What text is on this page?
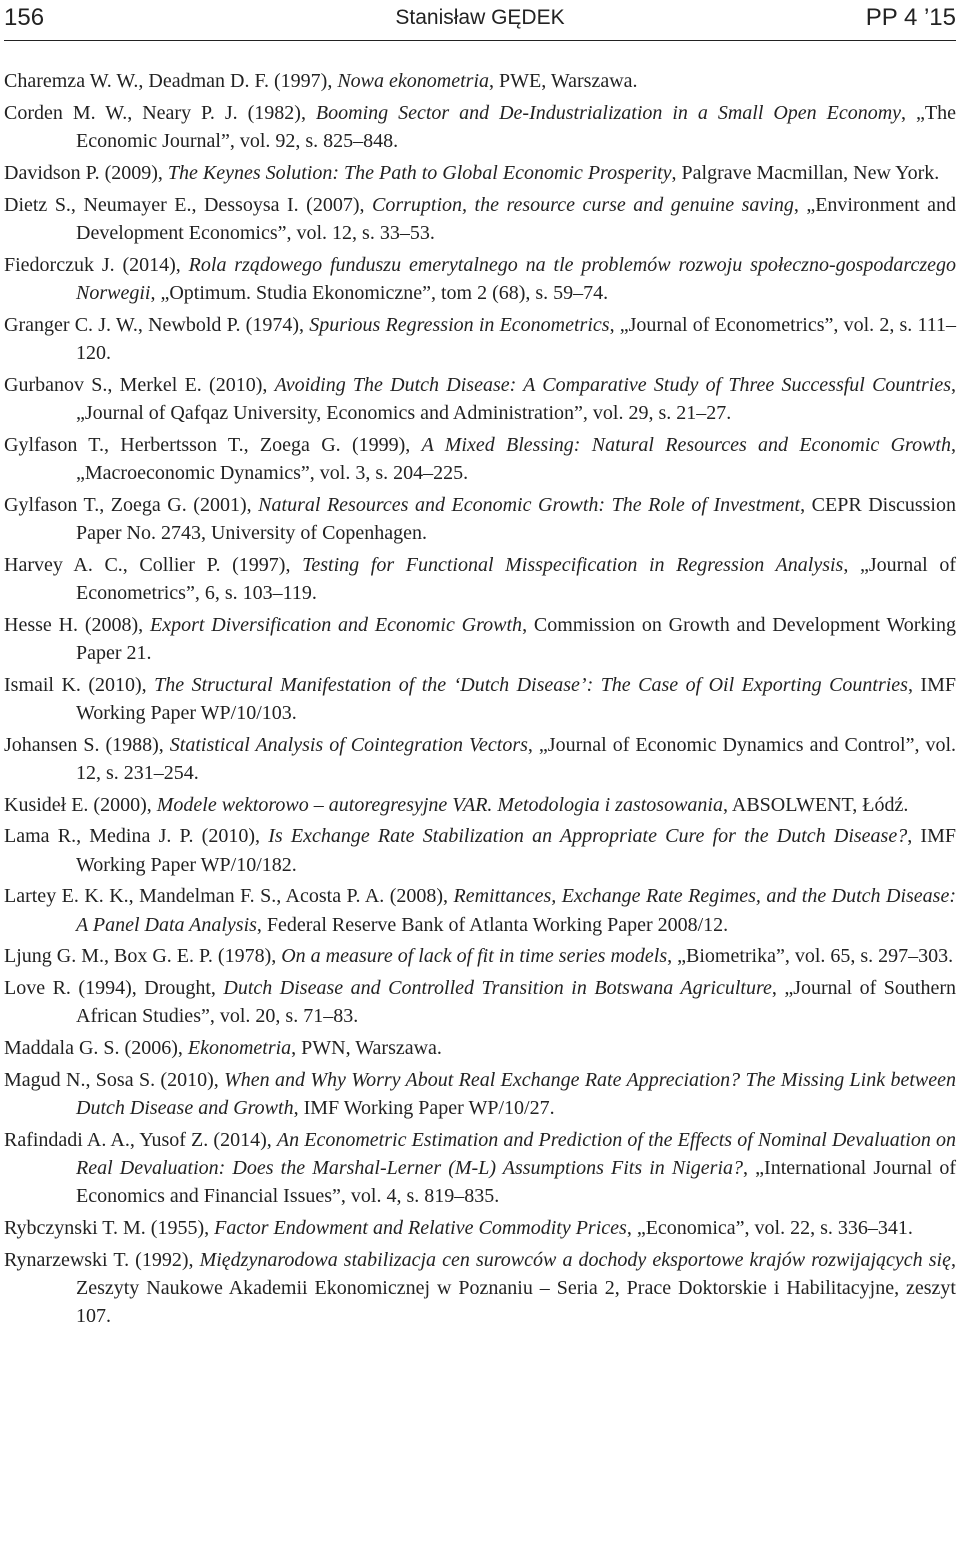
156	Stanisław GĘDEK	PP 4 ’15

Charemza W. W., Deadman D. F. (1997), Nowa ekonometria, PWE, Warszawa.

Corden M. W., Neary P. J. (1982), Booming Sector and De-Industrialization in a Small Open Economy, „The Economic Journal”, vol. 92, s. 825–848.

Davidson P. (2009), The Keynes Solution: The Path to Global Economic Prosperity, Palgrave Macmillan, New York.

Dietz S., Neumayer E., Dessoysa I. (2007), Corruption, the resource curse and genuine saving, „Environment and Development Economics”, vol. 12, s. 33–53.

Fiedorczuk J. (2014), Rola rządowego funduszu emerytalnego na tle problemów rozwoju społeczno-gospodarczego Norwegii, „Optimum. Studia Ekonomiczne”, tom 2 (68), s. 59–74.

Granger C. J. W., Newbold P. (1974), Spurious Regression in Econometrics, „Journal of Econometrics”, vol. 2, s. 111–120.

Gurbanov S., Merkel E. (2010), Avoiding The Dutch Disease: A Comparative Study of Three Successful Countries, „Journal of Qafqaz University, Economics and Administration”, vol. 29, s. 21–27.

Gylfason T., Herbertsson T., Zoega G. (1999), A Mixed Blessing: Natural Resources and Economic Growth, „Macroeconomic Dynamics”, vol. 3, s. 204–225.

Gylfason T., Zoega G. (2001), Natural Resources and Economic Growth: The Role of Investment, CEPR Discussion Paper No. 2743, University of Copenhagen.

Harvey A. C., Collier P. (1997), Testing for Functional Misspecification in Regression Analysis, „Journal of Econometrics”, 6, s. 103–119.

Hesse H. (2008), Export Diversification and Economic Growth, Commission on Growth and Development Working Paper 21.

Ismail K. (2010), The Structural Manifestation of the ‘Dutch Disease’: The Case of Oil Exporting Countries, IMF Working Paper WP/10/103.

Johansen S. (1988), Statistical Analysis of Cointegration Vectors, „Journal of Economic Dynamics and Control”, vol. 12, s. 231–254.

Kusideł E. (2000), Modele wektorowo – autoregresyjne VAR. Metodologia i zastosowania, ABSOLWENT, Łódź.

Lama R., Medina J. P. (2010), Is Exchange Rate Stabilization an Appropriate Cure for the Dutch Disease?, IMF Working Paper WP/10/182.

Lartey E. K. K., Mandelman F. S., Acosta P. A. (2008), Remittances, Exchange Rate Regimes, and the Dutch Disease: A Panel Data Analysis, Federal Reserve Bank of Atlanta Working Paper 2008/12.

Ljung G. M., Box G. E. P. (1978), On a measure of lack of fit in time series models, „Biometrika”, vol. 65, s. 297–303.

Love R. (1994), Drought, Dutch Disease and Controlled Transition in Botswana Agriculture, „Journal of Southern African Studies”, vol. 20, s. 71–83.

Maddala G. S. (2006), Ekonometria, PWN, Warszawa.

Magud N., Sosa S. (2010), When and Why Worry About Real Exchange Rate Appreciation? The Missing Link between Dutch Disease and Growth, IMF Working Paper WP/10/27.

Rafindadi A. A., Yusof Z. (2014), An Econometric Estimation and Prediction of the Effects of Nominal Devaluation on Real Devaluation: Does the Marshal-Lerner (M-L) Assumptions Fits in Nigeria?, „International Journal of Economics and Financial Issues”, vol. 4, s. 819–835.

Rybczynski T. M. (1955), Factor Endowment and Relative Commodity Prices, „Economica”, vol. 22, s. 336–341.

Rynarzewski T. (1992), Międzynarodowa stabilizacja cen surowców a dochody eksportowe krajów rozwijających się, Zeszyty Naukowe Akademii Ekonomicznej w Poznaniu – Seria 2, Prace Doktorskie i Habilitacyjne, zeszyt 107.
